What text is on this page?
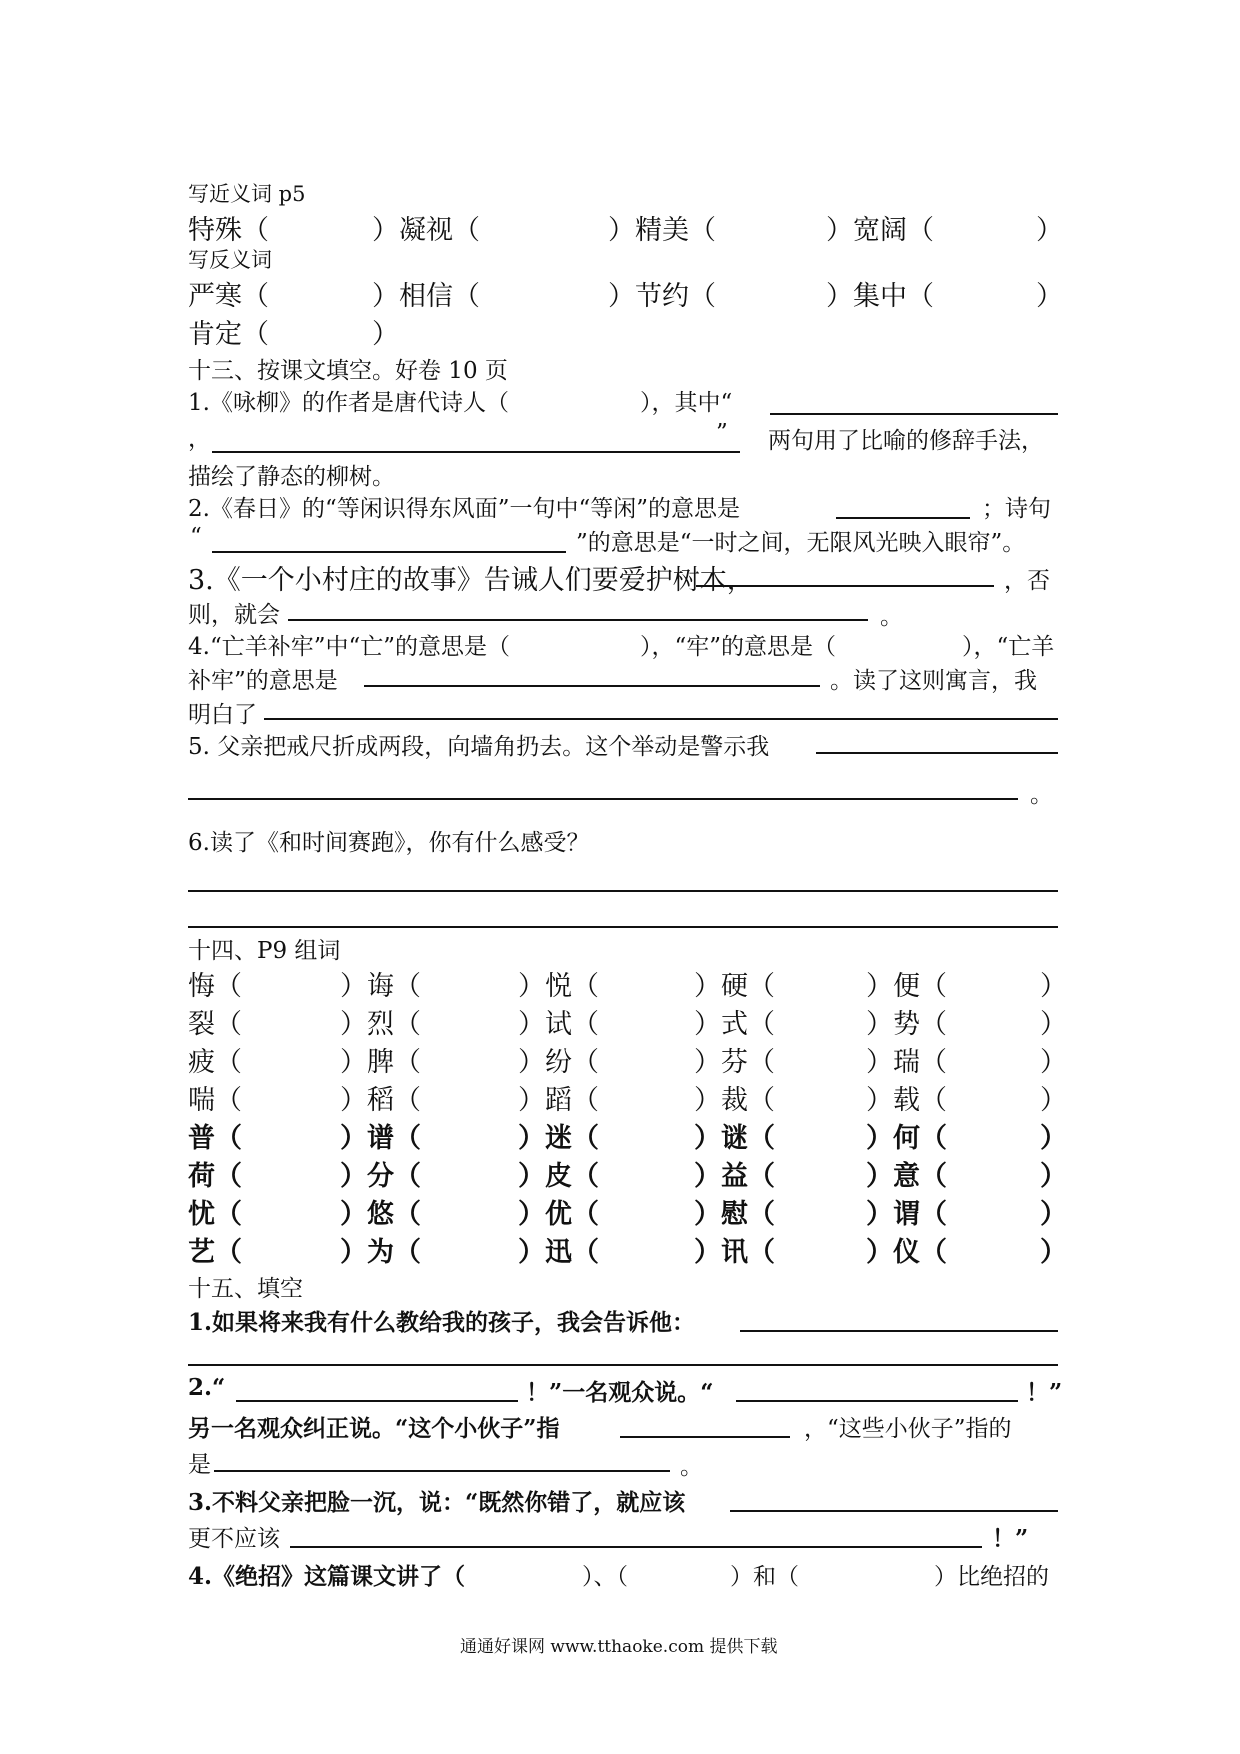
写近义词 p5
特殊（	）凝视（	）精美（	）宽阔（	）
写反义词
严寒（	）相信（	）节约（	）集中（	）
肯定（	）
十三、按课文填空。好卷 10 页
1.《咏柳》的作者是唐代诗人（	），其中“
，	” 两句用了比喻的修辞手法，
描绘了静态的柳树。
2.《春日》的“等闲识得东风面”一句中“等闲”的意思是	；诗句
“	”的意思是“一时之间，无限风光映入眼帘”。
3.《一个小村庄的故事》告诫人们要爱护树木，	，否
则，就会	。
4.“亡羊补牢”中“亡”的意思是（	），“牢”的意思是（	），“亡羊
补牢”的意思是	。读了这则寓言，我
明白了
5. 父亲把戒尺折成两段，向墙角扔去。这个举动是警示我
。
6.读了《和时间赛跑》，你有什么感受？
十四、P9 组词
悔（	）诲（	）悦（	）硬（	）便（	）
裂（	）烈（	）试（	）式（	）势（	）
疲（	）脾（	）纷（	）芬（	）瑞（	）
喘（	）稻（	）蹈（	）裁（	）载（	）
普（	）谱（	）迷（	）谜（	）何（	）
荷（	）分（	）皮（	）益（	）意（	）
忧（	）悠（	）优（	）慰（	）谓（	）
艺（	）为（	）迅（	）讯（	）仪（	）
十五、填空
1.如果将来我有什么教给我的孩子，我会告诉他：
2.“	！”一名观众说。“	！”
另一名观众纠正说。“这个小伙子”指	，“这些小伙子”指的
是	。
3.不料父亲把脸一沉，说：“既然你错了，就应该
更不应该	！”
4.《绝招》这篇课文讲了（	）、（	）和（	）比绝招的
通通好课网 www.tthaoke.com 提供下载
